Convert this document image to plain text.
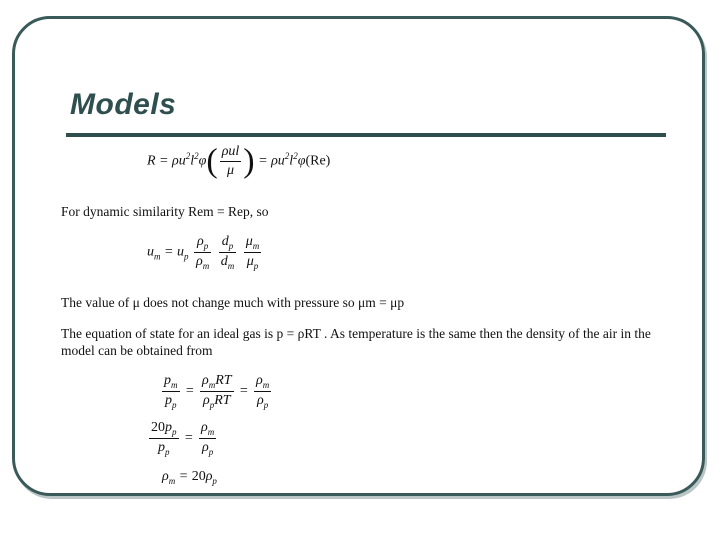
Models
$R = \rho u^2l^2\varphi( \frac{\text{ρul}}{\mu}$ ) = $\rho u^2l^2\varphi(Re)$

For dynamic similarity Rem = Rep, so

$u_m = u_p \frac{\rho_p}{\rho_m}$
$\frac{d_p}{d_m}$
$\frac{\mu_m}{\mu_p}$

The value of μ does not change much with pressure so μm = μp

The equation of state for an ideal gas is p = ρRT . As temperature is the same then the density of the air in the model can be obtained from

$\frac{p_m}{p_p} = \frac{\rho_mRT}{\rho_pRT} = \frac{\rho_m}{\rho_p}$
$\frac{20p_p}{p_p} = \frac{\rho_m}{\rho_p}$
$\rho_m = 20\rho_p$
